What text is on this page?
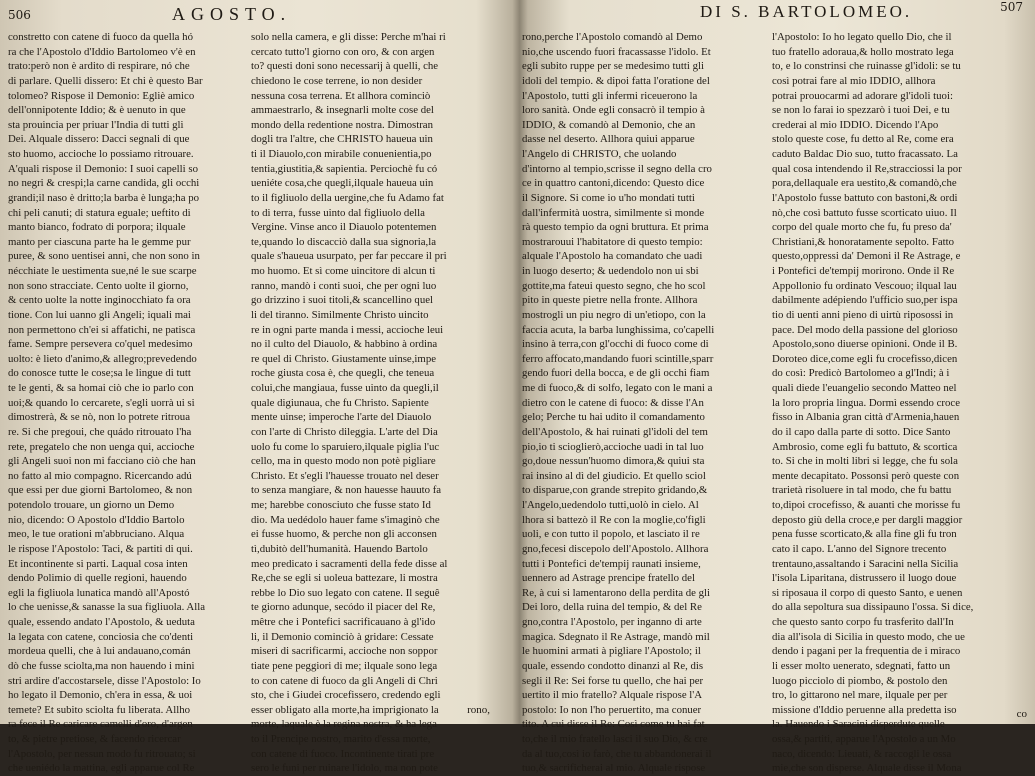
506	AGOSTO.
constretto con catene di fuoco da quella hó
ra che l'Apostolo d'Iddio Bartolomeo v'è en
trato:però non è ardito di respirare, nó che
di parlare. Quelli dissero: Et chi è questo Bar
tolomeo? Rispose il Demonio: Egliè amico
dell'onnipotente Iddio; & è uenuto in que
sta prouincia per priuar l'India di tutti gli
Dei. Alquale dissero: Dacci segnali di que
sto huomo, accioche lo possiamo ritrouare.
A'quali rispose il Demonio: I suoi capelli so
no negri & crespi;la carne candida, gli occhi
grandi;il naso è dritto;la barba è lunga;ha po
chi peli canuti; di statura eguale; ueftito di
manto bianco, fodrato di porpora; ilquale
manto per ciascuna parte ha le gemme pur
puree, & sono uentisei anni, che non sono in
nécchiate le uestimenta sue,né le sue scarpe
non sono stracciate. Cento uolte il giorno,
& cento uolte la notte inginocchiato fa ora
tione. Con lui uanno gli Angeli; iquali mai
non permettono ch'ei si affatichi, ne patisca
fame. Sempre persevera co'quel medesimo
uolto: è lieto d'animo,& allegro;prevedendo
do conosce tutte le cose;sa le lingue di tutt
te le genti, & sa homai ciò che io parlo con
uoi;& quando lo cercarete, s'egli uorrà ui si
dimostrerà, & se nò, non lo potrete ritroua
re. Si che pregoui, che quádo ritrouato l'ha
rete, pregatelo che non uenga qui, accioche
gli Angeli suoi non mi facciano ciò che han
no fatto al mio compagno. Ricercando adú
que essi per due giorni Bartolomeo, & non
potendolo trouare, un giorno un Demo
nio, dicendo: O Apostolo d'Iddio Bartolo
meo, le tue orationi m'abbruciano. Alqua
le rispose l'Apostolo: Taci, & partiti di qui.
Et incontinente si parti. Laqual cosa inten
dendo Polimio di quelle regioni, hauendo
egli la figliuola lunatica mandò all'Apostó
lo che uenisse,& sanasse la sua figliuola. Alla
quale, essendo andato l'Apostolo, & ueduta
la legata con catene, conciosia che co'denti
mordeua quelli, che à lui andauano,comán
dò che fusse sciolta,ma non hauendo i mini
stri ardire d'accostarsele, disse l'Apostolo: Io
ho legato il Demonio, ch'era in essa, & uoi
temete? Et subito sciolta fu liberata. Allho
ra fece il Re caricare camelli d'oro, d'argen
to, & pietre pretiose, & facendo ricercar
l'Apostolo, per nessun modo fu ritrouato; si
che ueniédo la mattina, egli apparue col Re
solo nella camera, e gli disse: Perche m'hai ri
cercato tutto'l giorno con oro, & con argen
to? questi doni sono necessarij à quelli, che
chiedono le cose terrene, io non desider
nessuna cosa terrena. Et allhora cominciò
ammaestrarlo, & insegnarli molte cose del
mondo della redentione nostra. Dimostran
dogli tra l'altre, che CHRISTO haueua uin
ti il Diauolo,con mirabile conuenientia,po
tentia,giustitia,& sapientia. Perciochè fu có
ueniéte cosa,che quegli,ilquale haueua uin
to il figliuolo della uergine,che fu Adamo fat
to di terra, fusse uinto dal figliuolo della
Vergine. Vinse anco il Diauolo potentemen
te,quando lo discacciò dalla sua signoria,la
quale s'haueua usurpato, per far peccare il pri
mo huomo. Et sì come uincitore di alcun ti
ranno, mandò i conti suoi, che per ogni luo
go drizzino i suoi titoli,& scancellino quel
li del tiranno. Similmente Christo uincito
re in ogni parte manda i messi, accioche leui
no il culto del Diauolo, & habbino à ordina
re quel di Christo. Giustamente uinse,impe
roche giusta cosa è, che quegli, che teneua
colui,che mangiaua, fusse uinto da quegli,il
quale digiunaua, che fu Christo. Sapiente
mente uinse; imperoche l'arte del Diauolo
con l'arte di Christo dileggia. L'arte del Dia
uolo fu come lo sparuiero,ilquale piglia l'uc
cello, ma in questo modo non potè pigliare
Christo. Et s'egli l'hauesse trouato nel deser
to senza mangiare, & non hauesse hauuto fa
me; harebbe conosciuto che fusse stato Id
dio. Ma uedédolo hauer fame s'imaginò che
ei fusse huomo, & perche non gli acconsen
tì,dubitò dell'humanità. Hauendo Bartolo
meo predicato i sacramenti della fede disse al
Re,che se egli si uoleua battezare, li mostra
rebbe lo Dio suo legato con catene. Il seguê
te giorno adunque, secódo il piacer del Re,
mêtre che i Pontefici sacrificauano à gl'ido
li, il Demonio cominciò à gridare: Cessate
miseri di sacrificarmi, accioche non soppor
tiate pene peggiori di me; ilquale sono lega
to con catene di fuoco da gli Angeli di Chri
sto, che i Giudei crocefissero, credendo egli
esser obligato alla morte,ha imprigionato la
morte, laquale è la regina nostra, & ha lega
to il Prencipe nostro, marito d'essa morte,
con catene di fuoco. Incontinente tirati pre
sero le funi per ruinare l'idolo, ma non pote
rono,
DI S. BARTOLOMEO.	507
rono,perche l'Apostolo comandò al Demo
nio,che uscendo fuori fracassasse l'idolo. Et
egli subito ruppe per se medesimo tutti gli
idoli del tempio. & dipoi fatta l'oratione del
l'Apostolo, tutti gli infermi riceuerono la
loro sanità. Onde egli consacrò il tempio à
IDDIO, & comandò al Demonio, che an
dasse nel deserto. Allhora quiui apparue
l'Angelo di CHRISTO, che uolando
d'intorno al tempio,scrisse il segno della cro
ce in quattro cantoni,dicendo: Questo dice
il Signore. Si come io u'ho mondati tutti
dall'infermità uostra, similmente sì monde
rà questo tempio da ogni bruttura. Et prima
mostrarouui l'habitatore di questo tempio:
alquale l'Apostolo ha comandato che uadi
in luogo deserto; & uedendolo non ui sbi
gottite,ma fateui questo segno, che ho scol
pito in queste pietre nella fronte. Allhora
mostrogli un piu negro di un'etiopo, con la
faccia acuta, la barba lunghissima, co'capelli
insino à terra,con gl'occhi di fuoco come di
ferro affocato,mandando fuori scintille,sparr
gendo fuori della bocca, e de gli occhi fiam
me di fuoco,& di solfo, legato con le mani a
dietro con le catene di fuoco: & disse l'An
gelo; Perche tu hai udito il comandamento
dell'Apostolo, & hai ruinati gl'idoli del tem
pio,io ti scioglierò,accioche uadi in tal luo
go,doue nessun'huomo dimora,& quiui sta
rai insino al dì del giudicio. Et quello sciol
to disparue,con grande strepito gridando,&
l'Angelo,uedendolo tutti,uolò in cielo. Al
lhora si battezò il Re con la moglie,co'figli
uoli, e con tutto il popolo, et lasciato il re
gno,fecesi discepolo dell'Apostolo. Allhora
tutti i Pontefici de'tempij raunati insieme,
uennero ad Astrage prencipe fratello del
Re, à cui si lamentarono della perdita de gli
Dei loro, della ruina del tempio, & del Re
gno,contra l'Apostolo, per inganno di arte
magica. Sdegnato il Re Astrage, mandò mil
le huomini armati à pigliare l'Apostolo; il
quale, essendo condotto dinanzi al Re, dis
segli il Re: Sei forse tu quello, che hai per
uertito il mio fratello? Alquale rispose l'A
postolo: Io non l'ho peruertito, ma conuer
tito. A cui disse il Re: Così come tu hai fat
to,che il mio fratello lasci il suo Dio, & cre
da al tuo,così io farò, che tu abbandonerai il
tuo,& sacrificherai al mio. Alquale rispose
l'Apostolo: Io ho legato quello Dio, che il
tuo fratello adoraua,& hollo mostrato lega
to, e lo constrinsi che ruinasse gl'idoli: se tu
così potrai fare al mio IDDIO, allhora
potrai prouocarmi ad adorare gl'idoli tuoi:
se non lo farai io spezzarò i tuoi Dei, e tu
crederai al mio IDDIO. Dicendo l'Apo
stolo queste cose, fu detto al Re, come era
caduto Baldac Dio suo, tutto fracassato. La
qual cosa intendendo il Re,stracciossi la por
pora,dellaquale era uestito,& comandò,che
l'Apostolo fusse battuto con bastoni,& ordi
nò,che così battuto fusse scorticato uiuo. Il
corpo del quale morto che fu, fu preso da'
Christiani,& honoratamente sepolto. Fatto
questo,oppressi da' Demoni il Re Astrage, e
i Pontefici de'tempij morirono. Onde il Re
Appollonio fu ordinato Vescouo; ilqual lau
dabilmente adépiendo l'ufficio suo,per ispa
tio di uenti anni pieno di uirtù riposossi in
pace. Del modo della passione del glorioso
Apostolo,sono diuerse opinioni. Onde il B.
Doroteo dice,come egli fu crocefisso,dicen
do così: Predicò Bartolomeo a gl'Indi; à i
quali diede l'euangelio secondo Matteo nel
la loro propria lingua. Dormì essendo croce
fisso in Albania gran città d'Armenia,hauen
do il capo dalla parte di sotto. Dice Santo
Ambrosio, come egli fu battuto, & scortica
to. Si che in molti libri si legge, che fu sola
mente decapitato. Possonsi però queste con
trarietà risoluere in tal modo, che fu battu
to,dipoi crocefisso, & auanti che morisse fu
deposto giù della croce,e per dargli maggior
pena fusse scorticato,& alla fine gli fu tron
cato il capo. L'anno del Signore trecento
trentauno,assaltando i Saracini nella Sicilia
l'isola Liparitana, distrussero il luogo doue
si riposaua il corpo di questo Santo, e uenen
do alla sepoltura sua dissipauno l'ossa. Si dice,
che questo santo corpo fu trasferito dall'In
dia all'isola di Sicilia in questo modo, che ue
dendo i pagani per la frequentia de i miraco
li esser molto uenerato, sdegnati, fatto un
luogo picciolo di piombo, & postolo den
tro, lo gittarono nel mare, ilquale per per
missione d'Iddio peruenne alla predetta iso
la. Hauendo i Saracini disperdute quelle
ossa,& partiti, apparue l'Apostolo a un Mo
naco, dicendo: Lieuati, & raccogli le ossa
mie,che son disperse. Alquale disse il Mona
co
